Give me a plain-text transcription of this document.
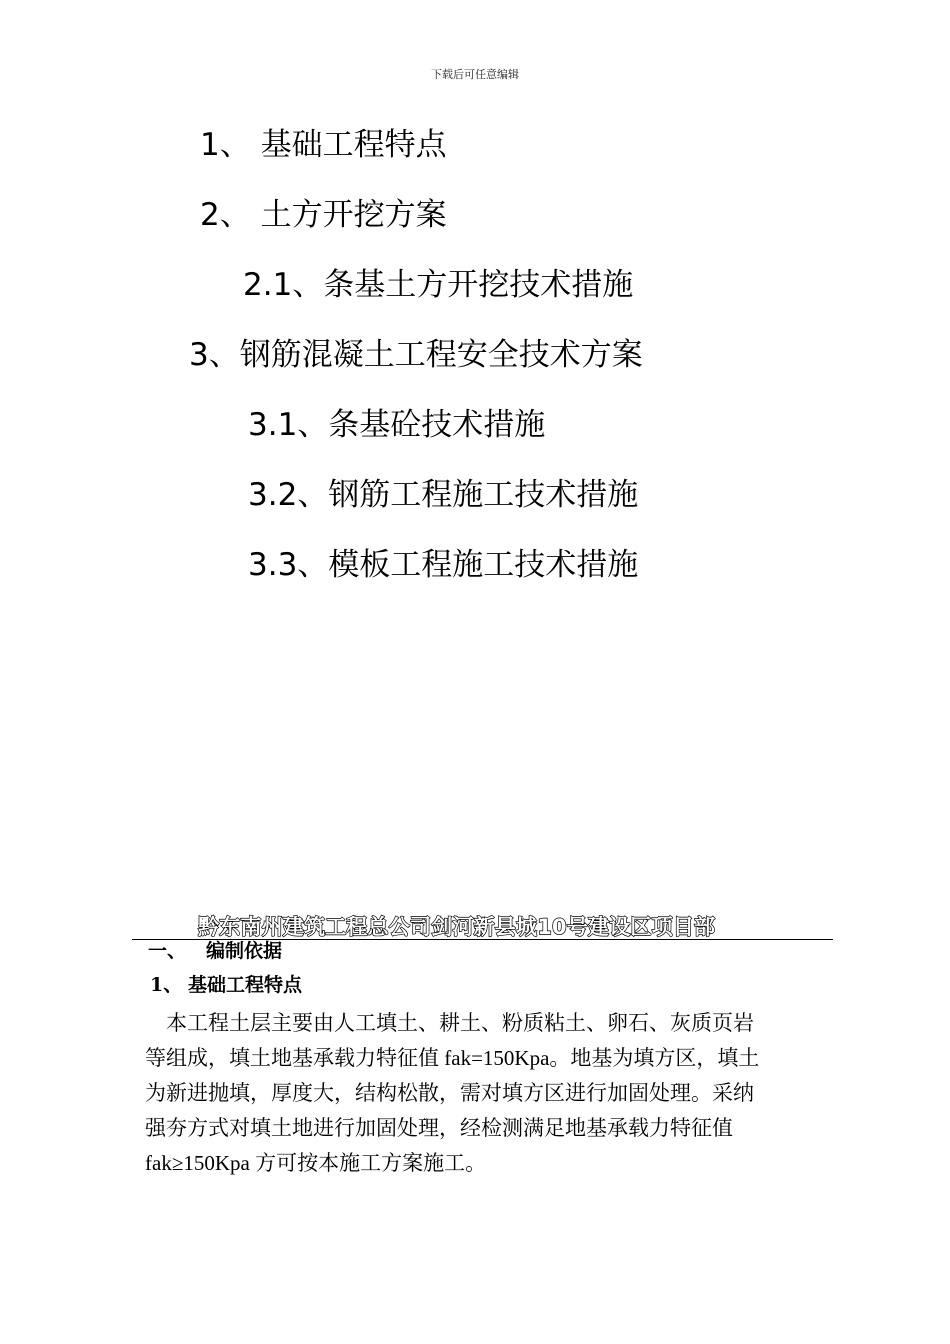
下载后可任意编辑
1、 基础工程特点
2、 土方开挖方案
2.1、条基土方开挖技术措施
3、钢筋混凝土工程安全技术方案
3.1、条基砼技术措施
3.2、钢筋工程施工技术措施
3.3、模板工程施工技术措施
黔东南州建筑工程总公司剑河新县城10号建设区项目部
一、 编制依据
1、 基础工程特点
本工程土层主要由人工填土、耕土、粉质粘土、卵石、灰质页岩
等组成，填土地基承载力特征值 fak=150Kpa。地基为填方区，填土
为新进抛填，厚度大，结构松散，需对填方区进行加固处理。采纳
强夯方式对填土地进行加固处理，经检测满足地基承载力特征值
fak≥150Kpa 方可按本施工方案施工。
